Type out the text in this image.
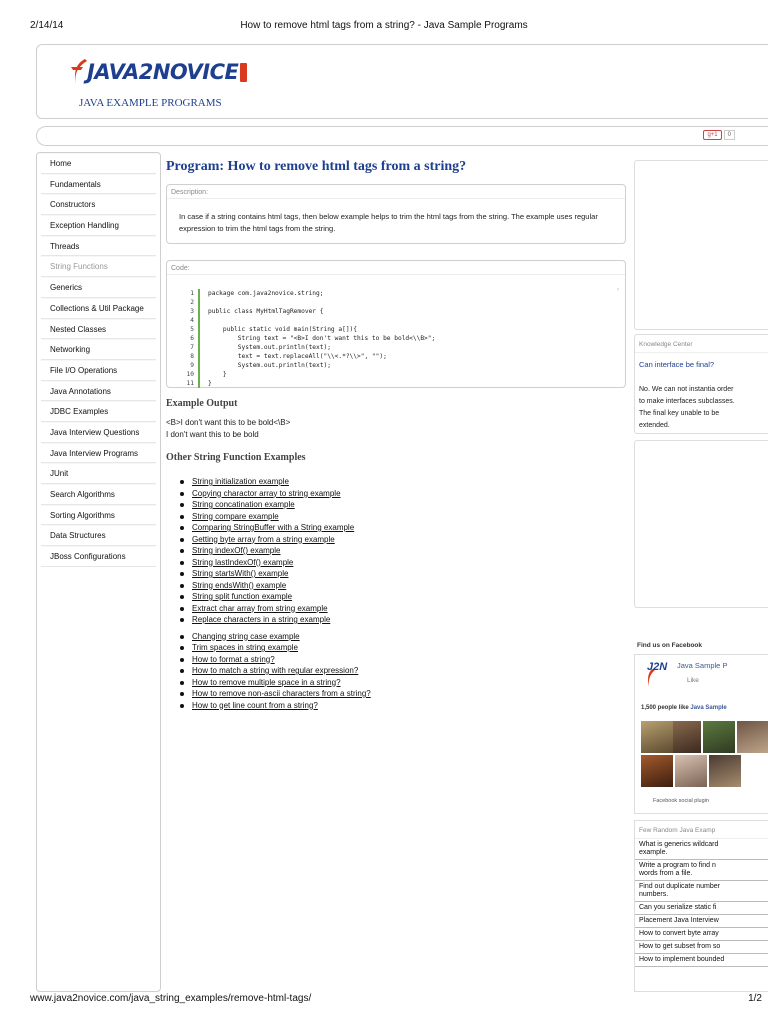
2/14/14	How to remove html tags from a string? - Java Sample Programs
JAVA2NOVICE
JAVA EXAMPLE PROGRAMS
g+1	0
Home
Fundamentals
Constructors
Exception Handling
Threads
String Functions
Generics
Collections & Util Package
Nested Classes
Networking
File I/O Operations
Java Annotations
JDBC Examples
Java Interview Questions
Java Interview Programs
JUnit
Search Algorithms
Sorting Algorithms
Data Structures
JBoss Configurations
Program: How to remove html tags from a string?
Description:
In case if a string contains html tags, then below example helps to trim the html tags from the string. The example uses regular expression to trim the html tags from the string.
Code:
›
1	package com.java2novice.string;
2
3	public class MyHtmlTagRemover {
4
5	public static void main(String a[]){
6	String text = "<B>I don't want this to be bold<\\B>";
7	System.out.println(text);
8	text = text.replaceAll("\\<.*?\\>", "");
9	System.out.println(text);
10	}
11	}
Example Output
<B>I don't want this to be bold<\B>
I don't want this to be bold
Other String Function Examples
String initialization example
Copying charactor array to string example
String concatination example
String compare example
Comparing StringBuffer with a String example
Getting byte array from a string example
String indexOf() example
String lastIndexOf() example
String startsWith() example
String endsWith() example
String split function example
Extract char array from string example
Replace characters in a string example
Changing string case example
Trim spaces in string example
How to format a string?
How to match a string with regular expression?
How to remove multiple space in a string?
How to remove non-ascii characters from a string?
How to get line count from a string?
Knowledge Center
Can interface be final?
No. We can not instantia order to make interfaces subclasses. The final key unable to be extended.
Find us on Facebook
J2N Java Sample P
Like
1,500 people like Java Sample
Facebook social plugin
Few Random Java Examp
What is generics wildcard
example.
Write a program to find n
words from a file.
Find out duplicate number
numbers.
Can you serialize static fi
Placement Java Interview
How to convert byte array
How to get subset from so
How to implement bounded
www.java2novice.com/java_string_examples/remove-html-tags/	1/2
